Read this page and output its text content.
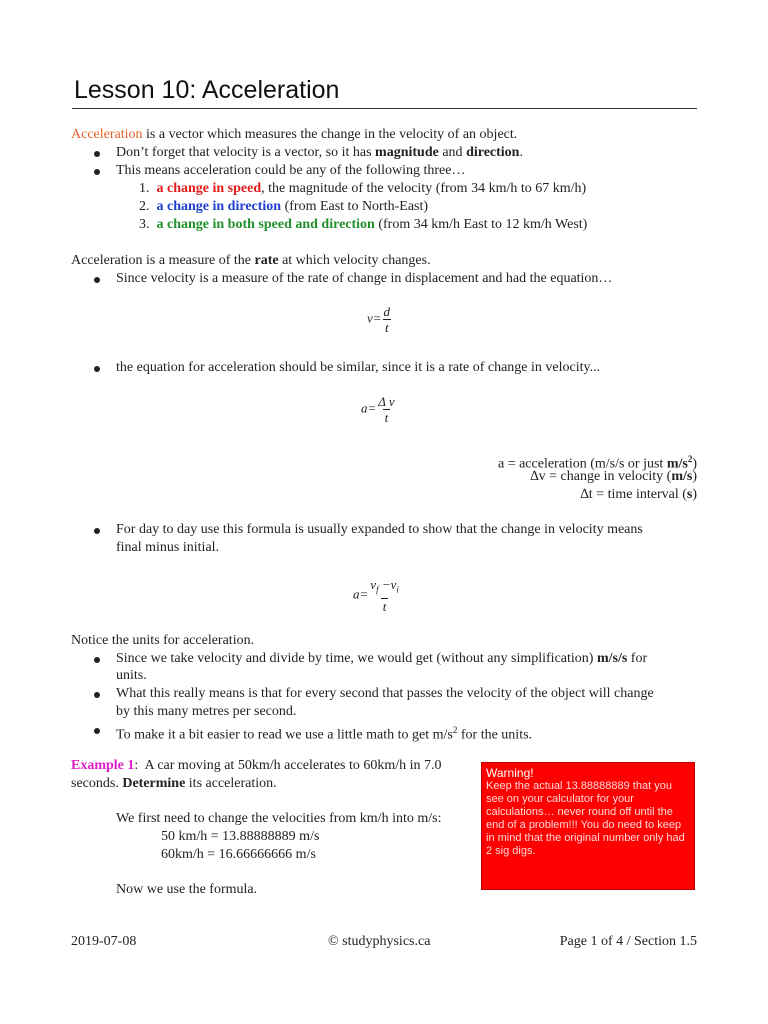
Lesson 10: Acceleration
Acceleration is a vector which measures the change in the velocity of an object.
Don’t forget that velocity is a vector, so it has magnitude and direction.
This means acceleration could be any of the following three…
1. a change in speed, the magnitude of the velocity (from 34 km/h to 67 km/h)
2. a change in direction (from East to North-East)
3. a change in both speed and direction (from 34 km/h East to 12 km/h West)
Acceleration is a measure of the rate at which velocity changes.
Since velocity is a measure of the rate of change in displacement and had the equation…
$v= \frac{d}{t}$
the equation for acceleration should be similar, since it is a rate of change in velocity...
$a= \frac{\text{Δ v}}{t}$
a = acceleration (m/s/s or just $m/s^2$)
∆v = change in velocity (m/s)
∆t = time interval (s)
For day to day use this formula is usually expanded to show that the change in velocity means
final minus initial.
$a= \frac{v_f -v_i}{t}$
Notice the units for acceleration.
Since we take velocity and divide by time, we would get (without any simplification) m/s/s for
units.
What this really means is that for every second that passes the velocity of the object will change
by this many metres per second.
To make it a bit easier to read we use a little math to get $m/s^2$ for the units.
Example 1:  A car moving at 50km/h accelerates to 60km/h in 7.0
seconds. Determine its acceleration.
We first need to change the velocities from km/h into m/s:
50 km/h = 13.88888889 m/s
60km/h = 16.66666666 m/s
Now we use the formula.
Warning!
Keep the actual 13.88888889 that you see on your calculator for your calculations… never round off until the end of a problem!!! You do need to keep in mind that the original number only had 2 sig digs.
2019-07-08	© studyphysics.ca	Page 1 of 4 / Section 1.5
